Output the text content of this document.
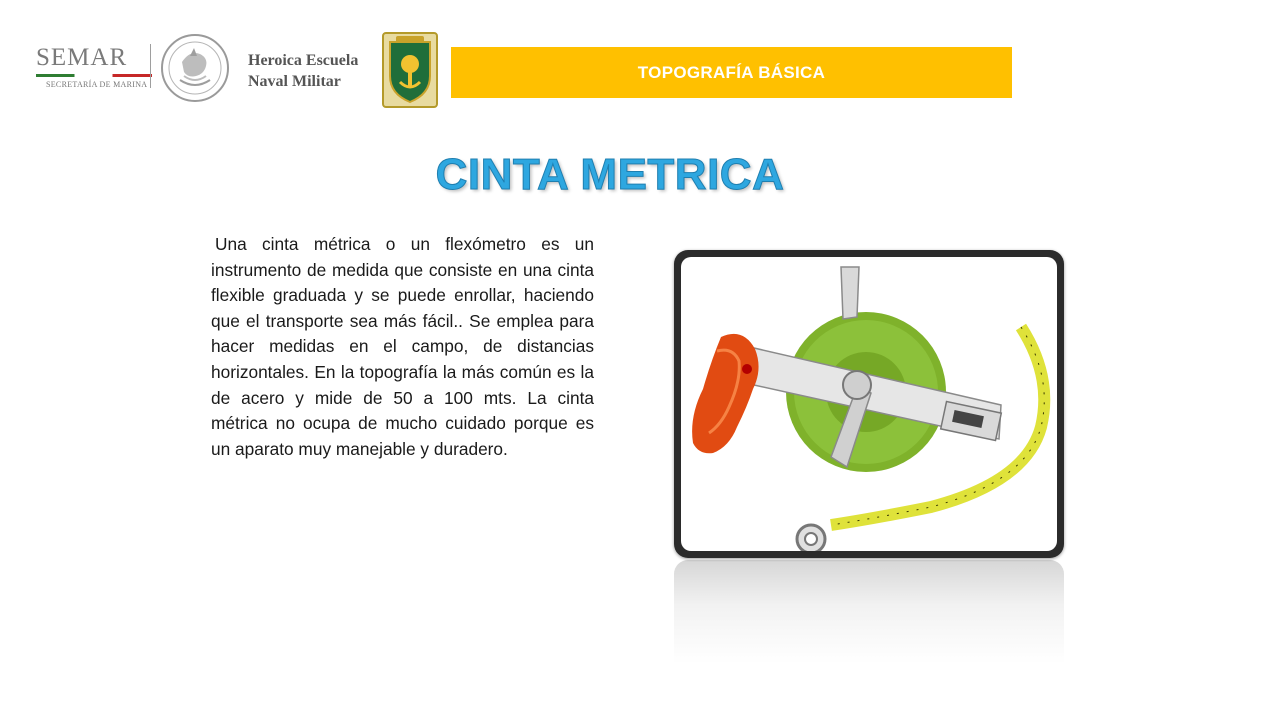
SEMAR
SECRETARÍA DE MARINA
Heroica Escuela
Naval Militar	TOPOGRAFÍA BÁSICA
CINTA METRICA

Una cinta métrica o un flexómetro es un instrumento de medida que consiste en una cinta flexible graduada y se puede enrollar, haciendo que el transporte sea más fácil.. Se emplea para hacer medidas en el campo, de distancias horizontales. En la topografía la más común es la de acero y mide de 50 a 100 mts. La cinta métrica no ocupa de mucho cuidado porque es un aparato muy manejable y duradero.
